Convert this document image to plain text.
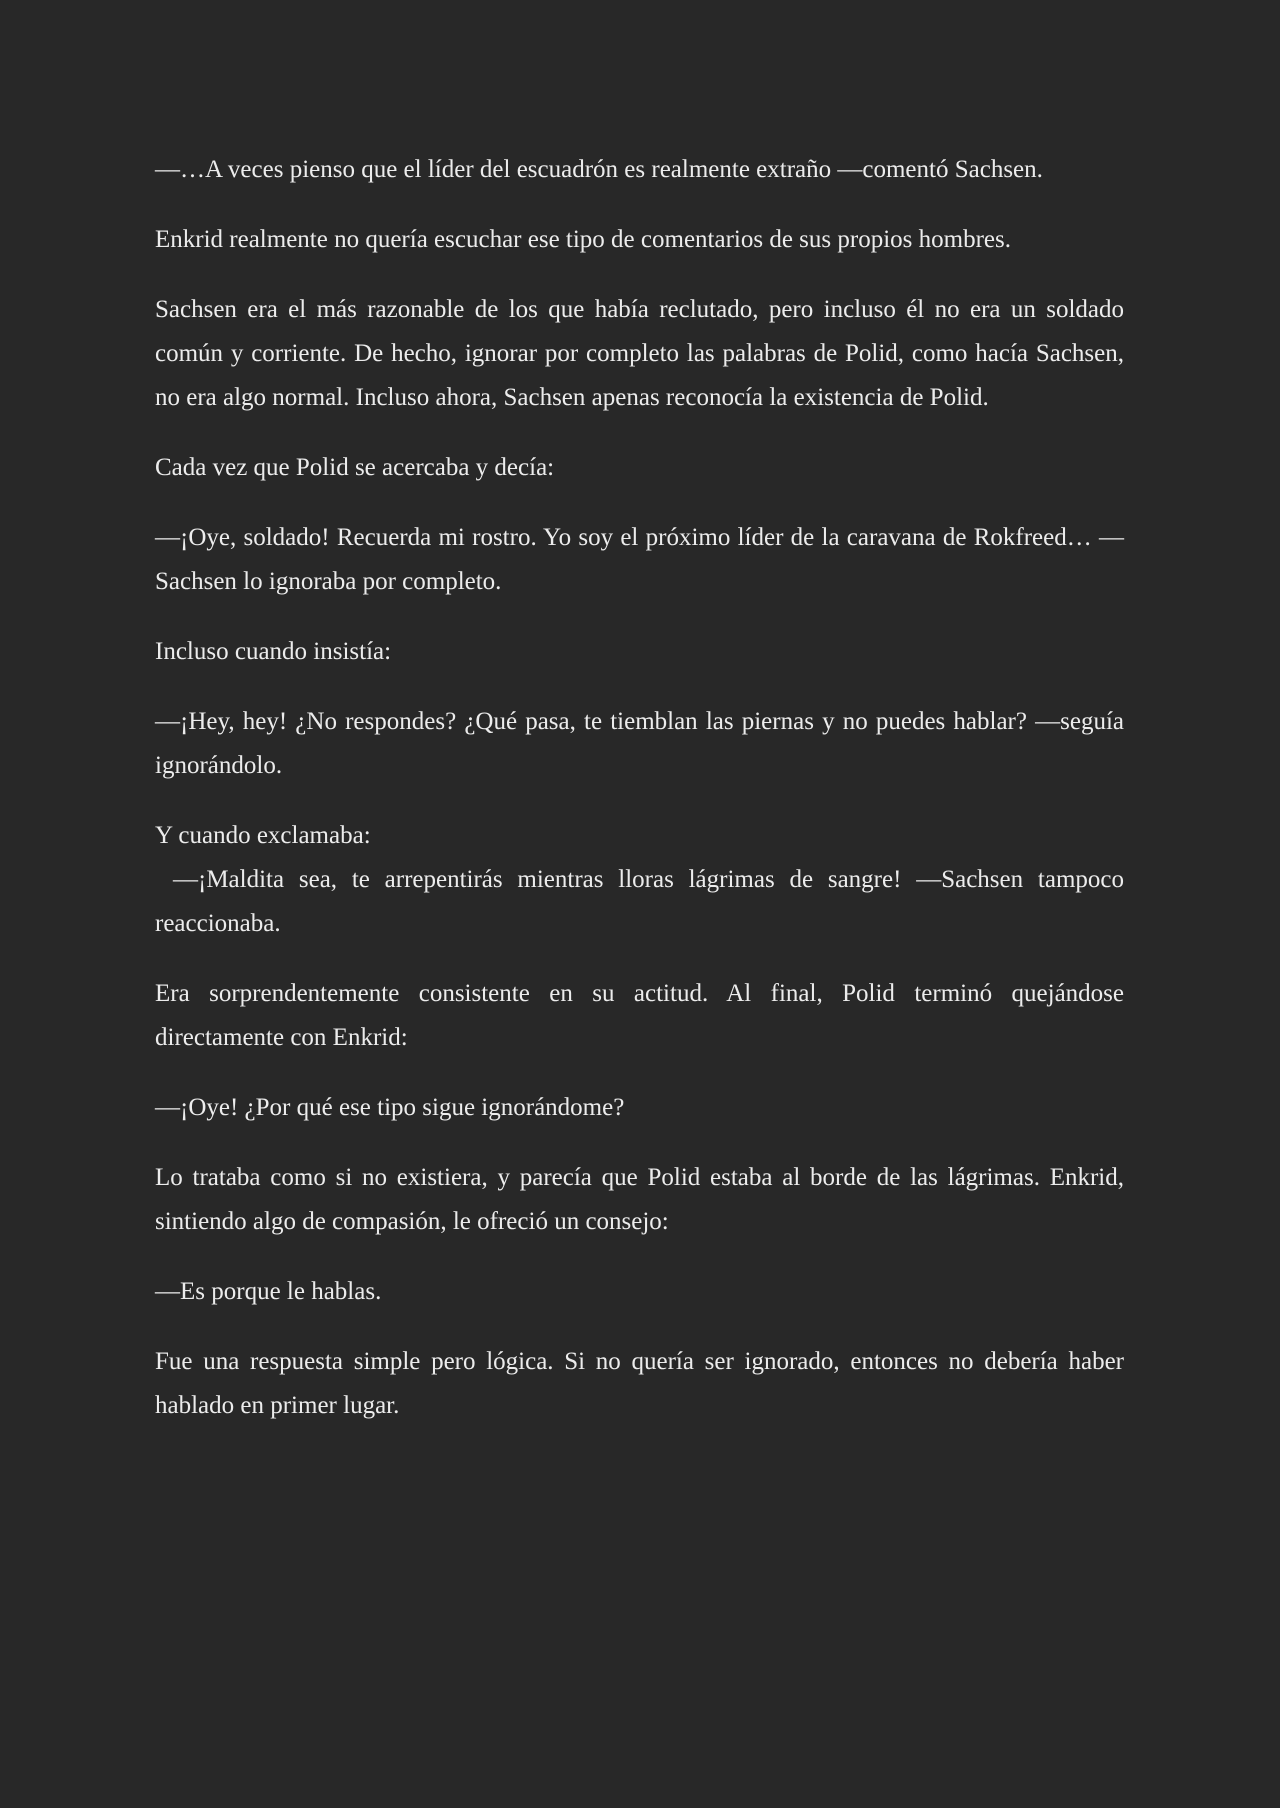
—…A veces pienso que el líder del escuadrón es realmente extraño —comentó Sachsen.

Enkrid realmente no quería escuchar ese tipo de comentarios de sus propios hombres.

Sachsen era el más razonable de los que había reclutado, pero incluso él no era un soldado común y corriente. De hecho, ignorar por completo las palabras de Polid, como hacía Sachsen, no era algo normal. Incluso ahora, Sachsen apenas reconocía la existencia de Polid.

Cada vez que Polid se acercaba y decía:

—¡Oye, soldado! Recuerda mi rostro. Yo soy el próximo líder de la caravana de Rokfreed… —Sachsen lo ignoraba por completo.

Incluso cuando insistía:

—¡Hey, hey! ¿No respondes? ¿Qué pasa, te tiemblan las piernas y no puedes hablar? —seguía ignorándolo.

Y cuando exclamaba:

—¡Maldita sea, te arrepentirás mientras lloras lágrimas de sangre! —Sachsen tampoco reaccionaba.

Era sorprendentemente consistente en su actitud. Al final, Polid terminó quejándose directamente con Enkrid:

—¡Oye! ¿Por qué ese tipo sigue ignorándome?

Lo trataba como si no existiera, y parecía que Polid estaba al borde de las lágrimas. Enkrid, sintiendo algo de compasión, le ofreció un consejo:

—Es porque le hablas.

Fue una respuesta simple pero lógica. Si no quería ser ignorado, entonces no debería haber hablado en primer lugar.
